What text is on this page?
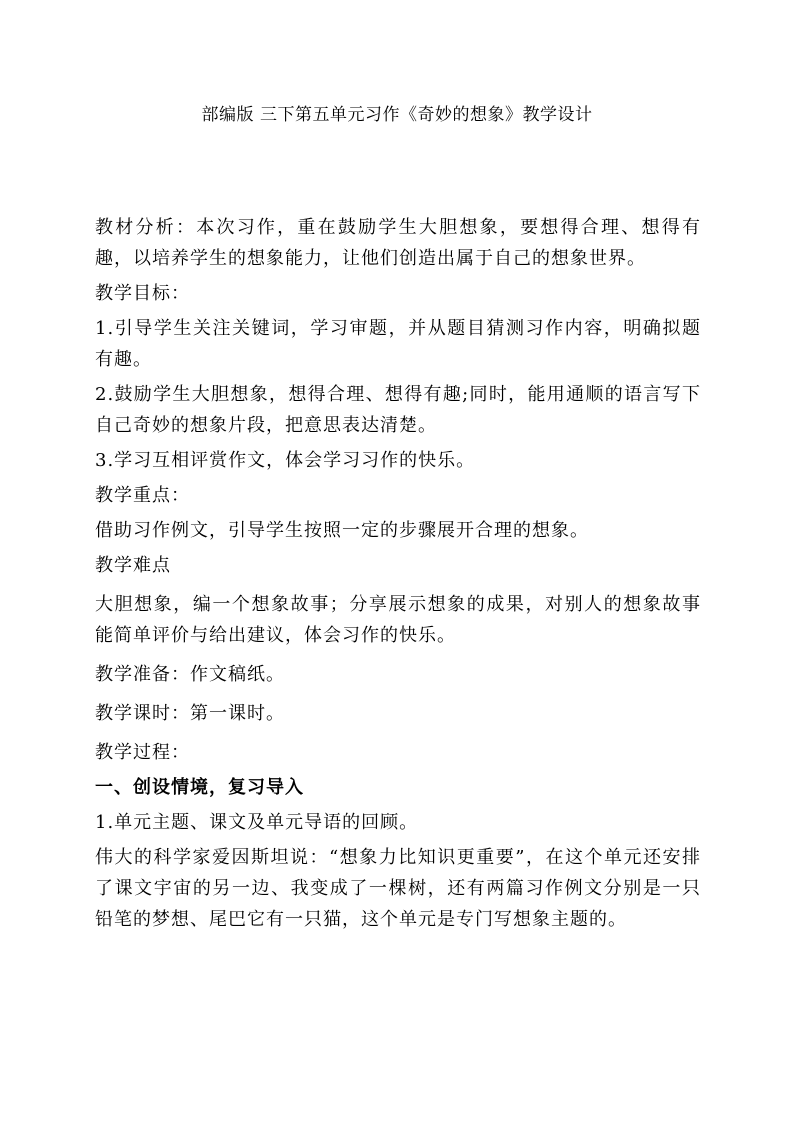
部编版 三下第五单元习作《奇妙的想象》教学设计

教材分析：本次习作，重在鼓励学生大胆想象，要想得合理、想得有趣，以培养学生的想象能力，让他们创造出属于自己的想象世界。

教学目标：

1.引导学生关注关键词，学习审题，并从题目猜测习作内容，明确拟题有趣。

2.鼓励学生大胆想象，想得合理、想得有趣;同时，能用通顺的语言写下自己奇妙的想象片段，把意思表达清楚。

3.学习互相评赏作文，体会学习习作的快乐。

教学重点：

借助习作例文，引导学生按照一定的步骤展开合理的想象。

教学难点

大胆想象，编一个想象故事；分享展示想象的成果，对别人的想象故事能简单评价与给出建议，体会习作的快乐。

教学准备：作文稿纸。

教学课时：第一课时。

教学过程：

一、创设情境，复习导入

1.单元主题、课文及单元导语的回顾。

伟大的科学家爱因斯坦说：“想象力比知识更重要”，在这个单元还安排了课文宇宙的另一边、我变成了一棵树，还有两篇习作例文分别是一只铅笔的梦想、尾巴它有一只猫，这个单元是专门写想象主题的。
